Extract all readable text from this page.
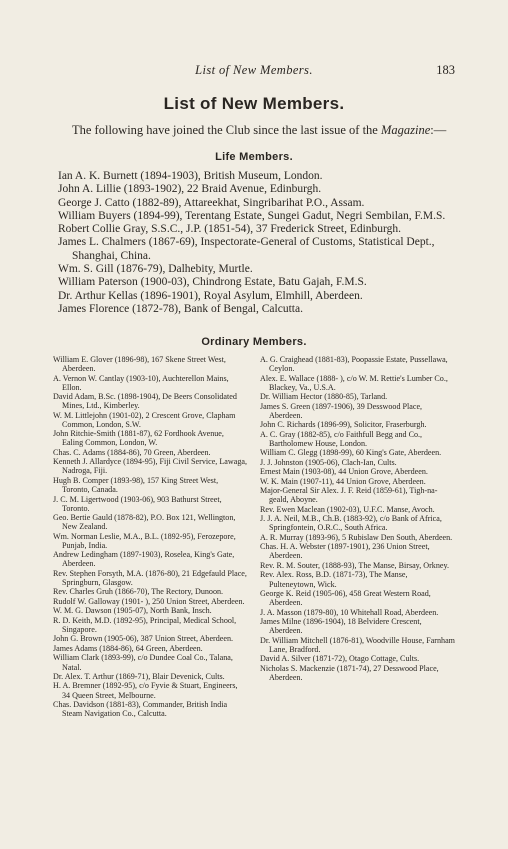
List of New Members.	183
List of New Members.
The following have joined the Club since the last issue of the Magazine:—
Life Members.
Ian A. K. Burnett (1894-1903), British Museum, London.
John A. Lillie (1893-1902), 22 Braid Avenue, Edinburgh.
George J. Catto (1882-89), Attareekhat, Singribarihat P.O., Assam.
William Buyers (1894-99), Terentang Estate, Sungei Gadut, Negri Sembilan, F.M.S.
Robert Collie Gray, S.S.C., J.P. (1851-54), 37 Frederick Street, Edinburgh.
James L. Chalmers (1867-69), Inspectorate-General of Customs, Statistical Dept., Shanghai, China.
Wm. S. Gill (1876-79), Dalhebity, Murtle.
William Paterson (1900-03), Chindrong Estate, Batu Gajah, F.M.S.
Dr. Arthur Kellas (1896-1901), Royal Asylum, Elmhill, Aberdeen.
James Florence (1872-78), Bank of Bengal, Calcutta.
Ordinary Members.
William E. Glover (1896-98), 167 Skene Street West, Aberdeen.
A. Vernon W. Cantlay (1903-10), Auchterellon Mains, Ellon.
David Adam, B.Sc. (1898-1904), De Beers Consolidated Mines, Ltd., Kimberley.
W. M. Littlejohn (1901-02), 2 Crescent Grove, Clapham Common, London, S.W.
John Ritchie-Smith (1881-87), 62 Fordhook Avenue, Ealing Common, London, W.
Chas. C. Adams (1884-86), 70 Green, Aberdeen.
Kenneth J. Allardyce (1894-95), Fiji Civil Service, Lawaga, Nadroga, Fiji.
Hugh B. Comper (1893-98), 157 King Street West, Toronto, Canada.
J. C. M. Ligertwood (1903-06), 903 Bathurst Street, Toronto.
Geo. Bertie Gauld (1878-82), P.O. Box 121, Wellington, New Zealand.
Wm. Norman Leslie, M.A., B.L. (1892-95), Ferozepore, Punjab, India.
Andrew Ledingham (1897-1903), Roselea, King's Gate, Aberdeen.
Rev. Stephen Forsyth, M.A. (1876-80), 21 Edgefauld Place, Springburn, Glasgow.
Rev. Charles Gruh (1866-70), The Rectory, Dunoon.
Rudolf W. Galloway (1901- ), 250 Union Street, Aberdeen.
W. M. G. Dawson (1905-07), North Bank, Insch.
R. D. Keith, M.D. (1892-95), Principal, Medical School, Singapore.
John G. Brown (1905-06), 387 Union Street, Aberdeen.
James Adams (1884-86), 64 Green, Aberdeen.
William Clark (1893-99), c/o Dundee Coal Co., Talana, Natal.
Dr. Alex. T. Arthur (1869-71), Blair Devenick, Cults.
H. A. Bremner (1892-95), c/o Fyvie & Stuart, Engineers, 34 Queen Street, Melbourne.
Chas. Davidson (1881-83), Commander, British India Steam Navigation Co., Calcutta.
A. G. Craighead (1881-83), Poopassie Estate, Pussellawa, Ceylon.
Alex. E. Wallace (1888- ), c/o W. M. Rettie's Lumber Co., Blackey, Va., U.S.A.
Dr. William Hector (1880-85), Tarland.
James S. Green (1897-1906), 39 Desswood Place, Aberdeen.
John C. Richards (1896-99), Solicitor, Fraserburgh.
A. C. Gray (1882-85), c/o Faithfull Begg and Co., Bartholomew House, London.
William C. Glegg (1898-99), 60 King's Gate, Aberdeen.
J. J. Johnston (1905-06), Clach-Ian, Cults.
Ernest Main (1903-08), 44 Union Grove, Aberdeen.
W. K. Main (1907-11), 44 Union Grove, Aberdeen.
Major-General Sir Alex. J. F. Reid (1859-61), Tigh-na-geald, Aboyne.
Rev. Ewen Maclean (1902-03), U.F.C. Manse, Avoch.
J. J. A. Neil, M.B., Ch.B. (1883-92), c/o Bank of Africa, Springfontein, O.R.C., South Africa.
A. R. Murray (1893-96), 5 Rubislaw Den South, Aberdeen.
Chas. H. A. Webster (1897-1901), 236 Union Street, Aberdeen.
Rev. R. M. Souter, (1888-93), The Manse, Birsay, Orkney.
Rev. Alex. Ross, B.D. (1871-73), The Manse, Pulteneytown, Wick.
George K. Reid (1905-06), 458 Great Western Road, Aberdeen.
J. A. Masson (1879-80), 10 Whitehall Road, Aberdeen.
James Milne (1896-1904), 18 Belvidere Crescent, Aberdeen.
Dr. William Mitchell (1876-81), Woodville House, Farnham Lane, Bradford.
David A. Silver (1871-72), Otago Cottage, Cults.
Nicholas S. Mackenzie (1871-74), 27 Desswood Place, Aberdeen.
